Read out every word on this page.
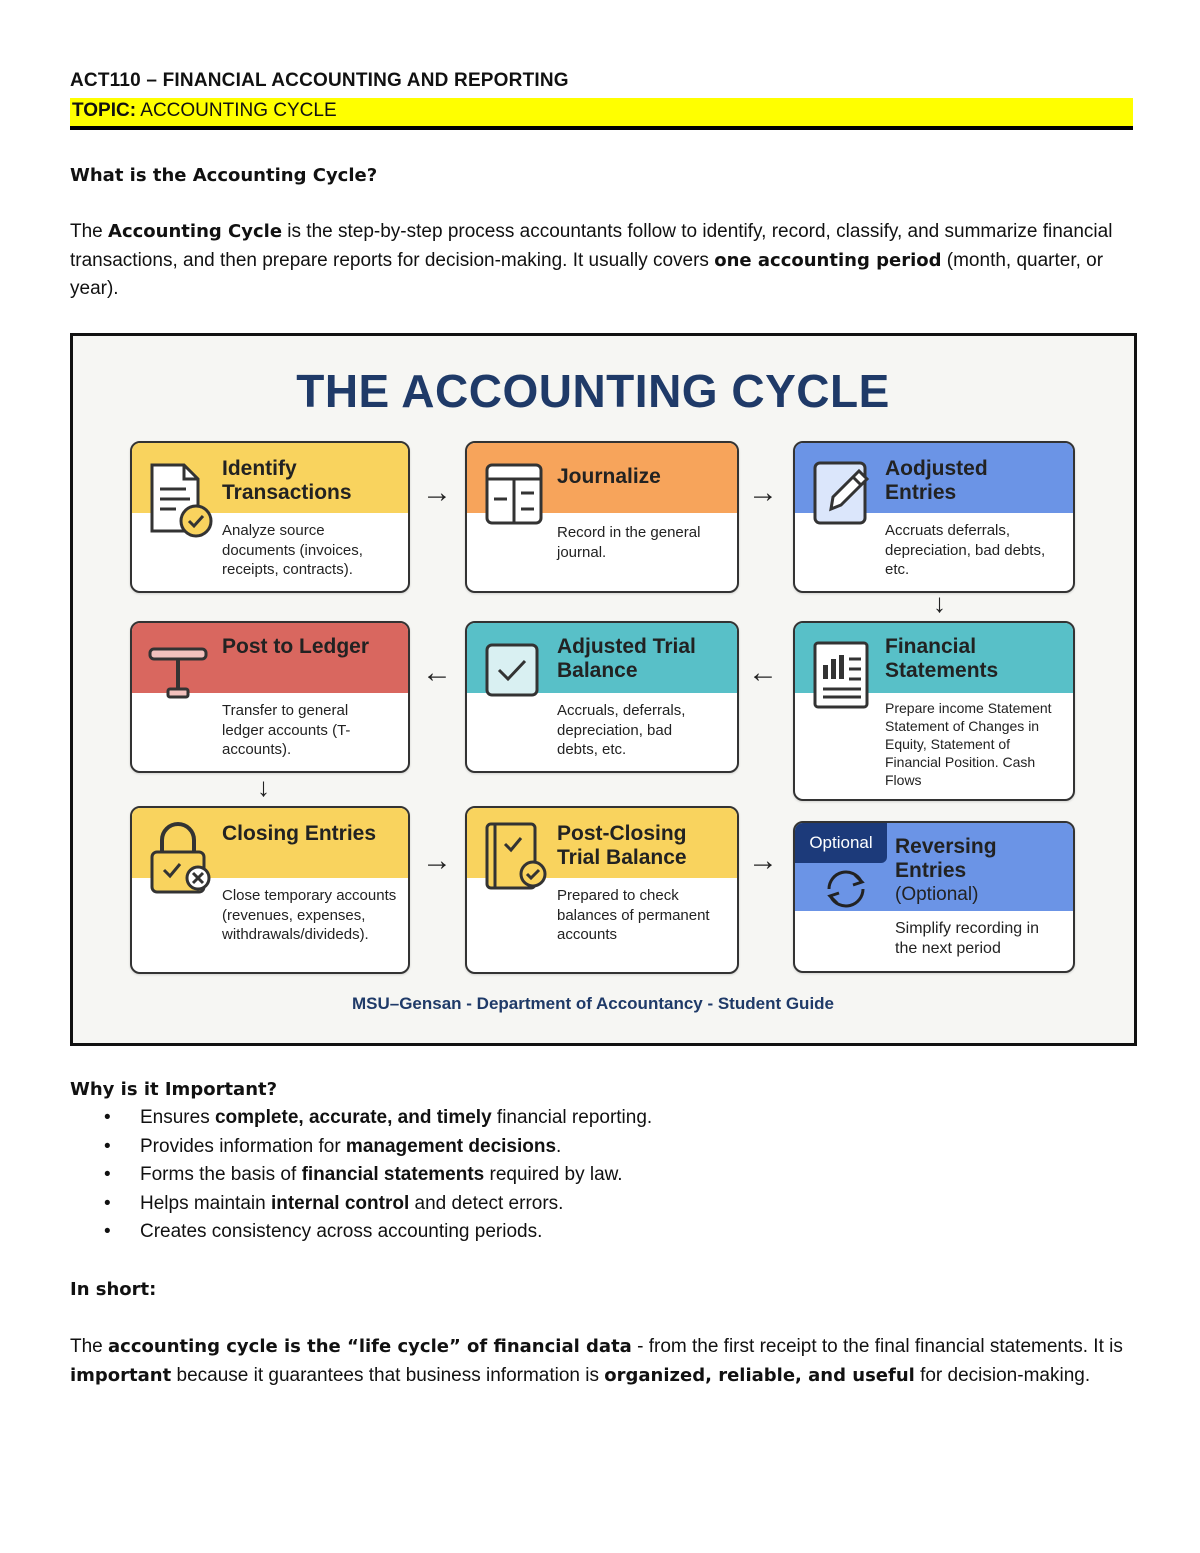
ACT110 – FINANCIAL ACCOUNTING AND REPORTING
TOPIC: ACCOUNTING CYCLE
What is the Accounting Cycle?
The Accounting Cycle is the step-by-step process accountants follow to identify, record, classify, and summarize financial transactions, and then prepare reports for decision-making. It usually covers one accounting period (month, quarter, or year).
THE ACCOUNTING CYCLE
Identify Transactions
Analyze source documents (invoices, receipts, contracts).
→	Journalize
Record in the general journal.
→
Aodjusted Entries
Accruats deferrals, depreciation, bad debts, etc.
↓
Post to Ledger
Transfer to general ledger accounts (T-accounts).
←
Adjusted Trial Balance
Accruals, deferrals, depreciation, bad debts, etc.
←
Financial Statements
Prepare income Statement Statement of Changes in Equity, Statement of Financial Position. Cash Flows
↓
Closing Entries
Close temporary accounts (revenues, expenses, withdrawals/divideds).
→
Post-Closing Trial Balance
Prepared to check balances of permanent accounts
→
Optional	Reversing Entries
(Optional)
Simplify recording in the next period
MSU–Gensan - Department of Accountancy - Student Guide
Why is it Important?
• Ensures complete, accurate, and timely financial reporting.
• Provides information for management decisions.
• Forms the basis of financial statements required by law.
• Helps maintain internal control and detect errors.
• Creates consistency across accounting periods.
In short:
The accounting cycle is the “life cycle” of financial data - from the first receipt to the final financial statements. It is important because it guarantees that business information is organized, reliable, and useful for decision-making.
